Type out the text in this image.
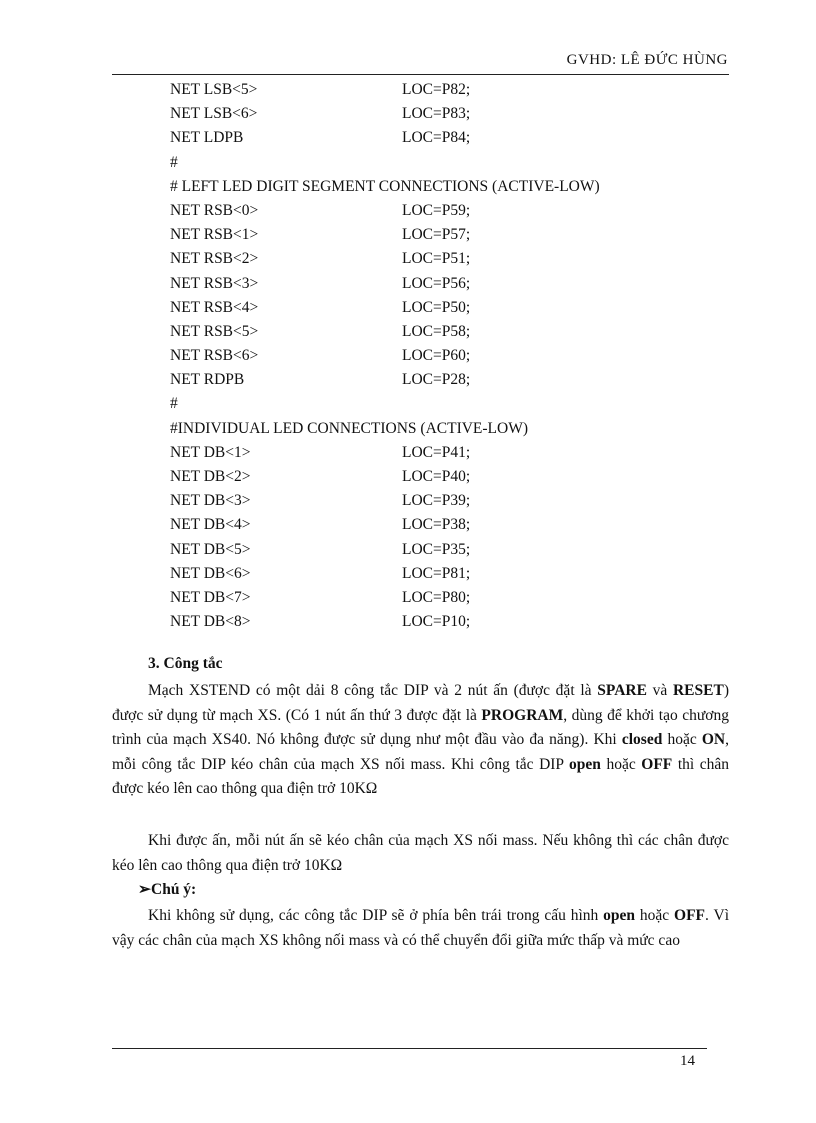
GVHD: LÊ ĐỨC HÙNG
NET LSB<5>	LOC=P82;
NET LSB<6>	LOC=P83;
NET LDPB	LOC=P84;
#
# LEFT LED DIGIT SEGMENT CONNECTIONS (ACTIVE-LOW)
NET RSB<0>	LOC=P59;
NET RSB<1>	LOC=P57;
NET RSB<2>	LOC=P51;
NET RSB<3>	LOC=P56;
NET RSB<4>	LOC=P50;
NET RSB<5>	LOC=P58;
NET RSB<6>	LOC=P60;
NET RDPB	LOC=P28;
#
#INDIVIDUAL LED CONNECTIONS (ACTIVE-LOW)
NET DB<1>	LOC=P41;
NET DB<2>	LOC=P40;
NET DB<3>	LOC=P39;
NET DB<4>	LOC=P38;
NET DB<5>	LOC=P35;
NET DB<6>	LOC=P81;
NET DB<7>	LOC=P80;
NET DB<8>	LOC=P10;
3. Công tắc
Mạch XSTEND có một dải 8 công tắc DIP và 2 nút ấn (được đặt là SPARE và RESET) được sử dụng từ mạch XS. (Có 1 nút ấn thứ 3 được đặt là PROGRAM, dùng để khởi tạo chương trình của mạch XS40. Nó không được sử dụng như một đầu vào đa năng). Khi closed hoặc ON, mỗi công tắc DIP kéo chân của mạch XS nối mass. Khi công tắc DIP open hoặc OFF thì chân được kéo lên cao thông qua điện trở 10KΩ
Khi được ấn, mỗi nút ấn sẽ kéo chân của mạch XS nối mass. Nếu không thì các chân được kéo lên cao thông qua điện trở 10KΩ
➢Chú ý:
Khi không sử dụng, các công tắc DIP sẽ ở phía bên trái trong cấu hình open hoặc OFF. Vì vậy các chân của mạch XS không nối mass và có thể chuyển đổi giữa mức thấp và mức cao
14
